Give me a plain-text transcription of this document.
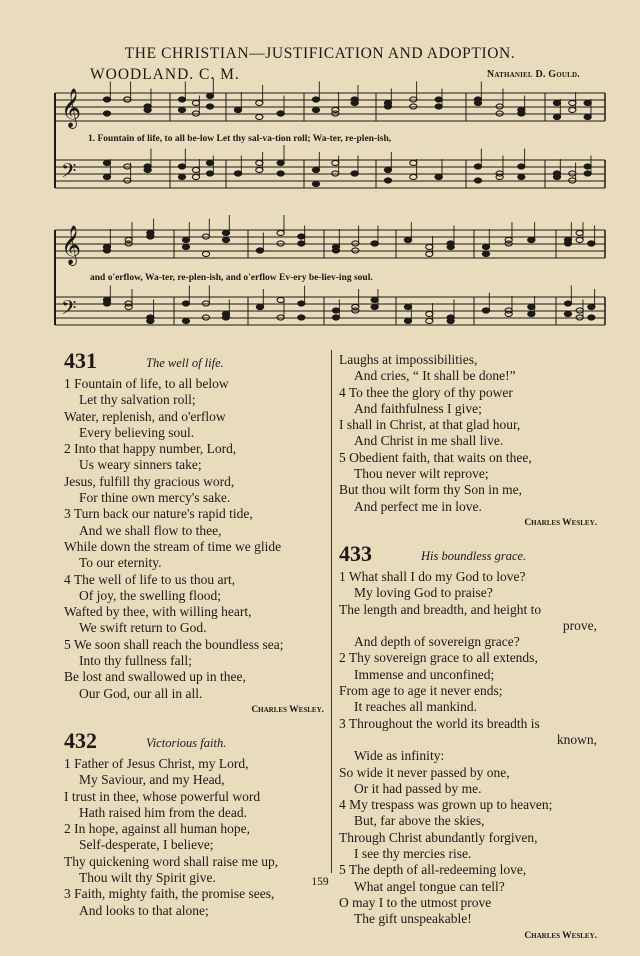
THE CHRISTIAN—JUSTIFICATION AND ADOPTION.
WOODLAND. C. M.	Nathaniel D. Gould.
𝄞
𝄢
𝄞
𝄢
1. Fountain of life, to all be-low Let thy sal-va-tion roll; Wa-ter, re-plen-ish,
and o'erflow, Wa-ter, re-plen-ish, and o'erflow Ev-ery be-liev-ing soul.
431	The well of life.
1 Fountain of life, to all below
Let thy salvation roll;
Water, replenish, and o'erflow
Every believing soul.
2 Into that happy number, Lord,
Us weary sinners take;
Jesus, fulfill thy gracious word,
For thine own mercy's sake.
3 Turn back our nature's rapid tide,
And we shall flow to thee,
While down the stream of time we glide
To our eternity.
4 The well of life to us thou art,
Of joy, the swelling flood;
Wafted by thee, with willing heart,
We swift return to God.
5 We soon shall reach the boundless sea;
Into thy fullness fall;
Be lost and swallowed up in thee,
Our God, our all in all.
Charles Wesley.
432	Victorious faith.
1 Father of Jesus Christ, my Lord,
My Saviour, and my Head,
I trust in thee, whose powerful word
Hath raised him from the dead.
2 In hope, against all human hope,
Self-desperate, I believe;
Thy quickening word shall raise me up,
Thou wilt thy Spirit give.
3 Faith, mighty faith, the promise sees,
And looks to that alone;
Laughs at impossibilities,
And cries, “ It shall be done!”
4 To thee the glory of thy power
And faithfulness I give;
I shall in Christ, at that glad hour,
And Christ in me shall live.
5 Obedient faith, that waits on thee,
Thou never wilt reprove;
But thou wilt form thy Son in me,
And perfect me in love.
Charles Wesley.
433	His boundless grace.
1 What shall I do my God to love?
My loving God to praise?
The length and breadth, and height to
prove,
And depth of sovereign grace?
2 Thy sovereign grace to all extends,
Immense and unconfined;
From age to age it never ends;
It reaches all mankind.
3 Throughout the world its breadth is
known,
Wide as infinity:
So wide it never passed by one,
Or it had passed by me.
4 My trespass was grown up to heaven;
But, far above the skies,
Through Christ abundantly forgiven,
I see thy mercies rise.
5 The depth of all-redeeming love,
What angel tongue can tell?
O may I to the utmost prove
The gift unspeakable!
Charles Wesley.
159
